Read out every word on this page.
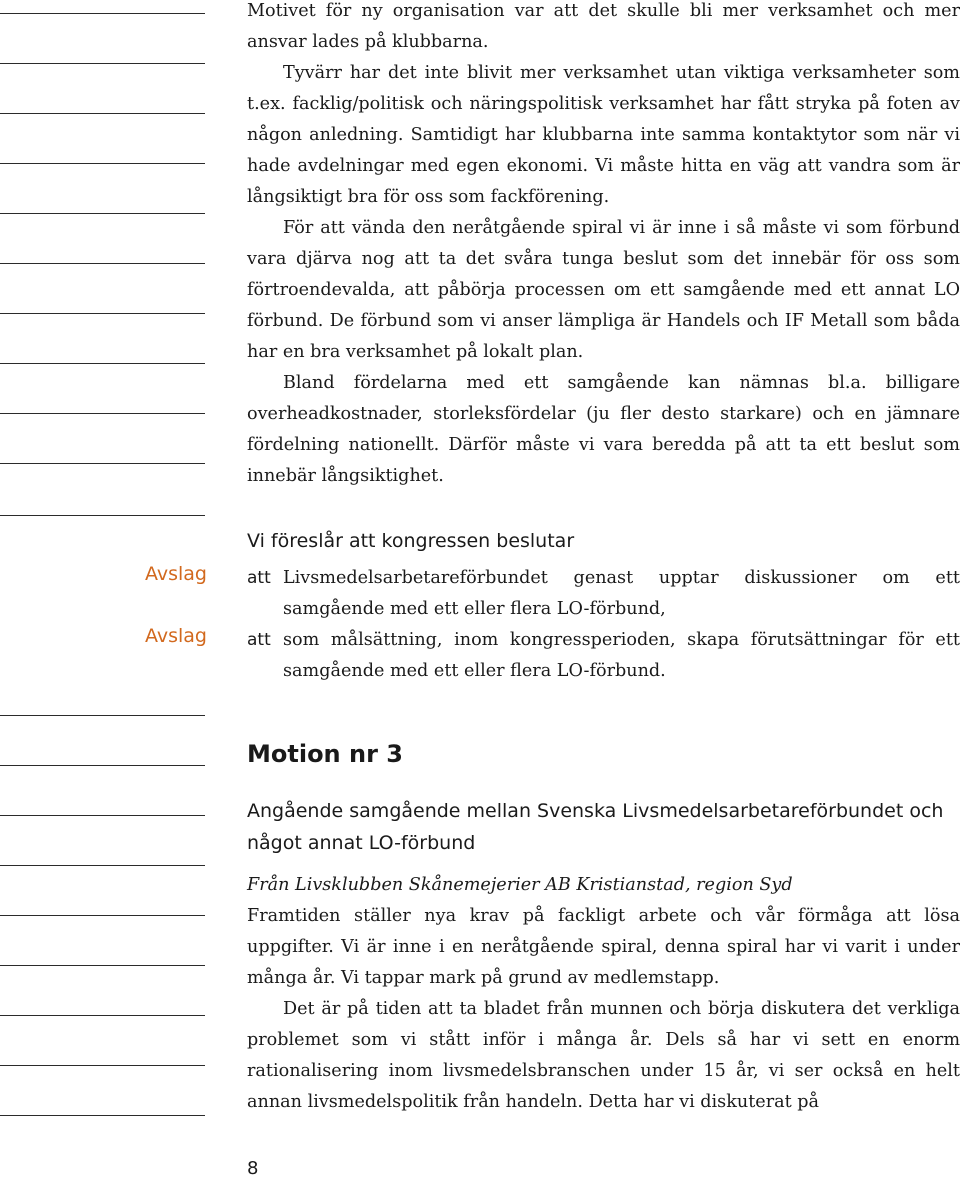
Avslag
Avslag

Motivet för ny organisation var att det skulle bli mer verksamhet och mer ansvar lades på klubbarna.

Tyvärr har det inte blivit mer verksamhet utan viktiga verksamheter som t.ex. facklig/politisk och näringspolitisk verksamhet har fått stryka på foten av någon anledning. Samtidigt har klubbarna inte samma kontaktytor som när vi hade avdelningar med egen ekonomi. Vi måste hitta en väg att vandra som är långsiktigt bra för oss som fackförening.

För att vända den neråtgående spiral vi är inne i så måste vi som förbund vara djärva nog att ta det svåra tunga beslut som det innebär för oss som förtroendevalda, att påbörja processen om ett samgående med ett annat LO förbund. De förbund som vi anser lämpliga är Handels och IF Metall som båda har en bra verksamhet på lokalt plan.

Bland fördelarna med ett samgående kan nämnas bl.a. billigare overheadkostnader, storleksfördelar (ju fler desto starkare) och en jämnare fördelning nationellt. Därför måste vi vara beredda på att ta ett beslut som innebär långsiktighet.

Vi föreslår att kongressen beslutar
att Livsmedelsarbetareförbundet genast upptar diskussioner om ett samgående med ett eller flera LO-förbund,
att som målsättning, inom kongressperioden, skapa förutsättningar för ett samgående med ett eller flera LO-förbund.
Motion nr 3
Angående samgående mellan Svenska Livsmedelsarbetareförbundet och något annat LO-förbund

Från Livsklubben Skånemejerier AB Kristianstad, region Syd

Framtiden ställer nya krav på fackligt arbete och vår förmåga att lösa uppgifter. Vi är inne i en neråtgående spiral, denna spiral har vi varit i under många år. Vi tappar mark på grund av medlemstapp.

Det är på tiden att ta bladet från munnen och börja diskutera det verkliga problemet som vi stått inför i många år. Dels så har vi sett en enorm rationalisering inom livsmedelsbranschen under 15 år, vi ser också en helt annan livsmedelspolitik från handeln. Detta har vi diskuterat på

8
